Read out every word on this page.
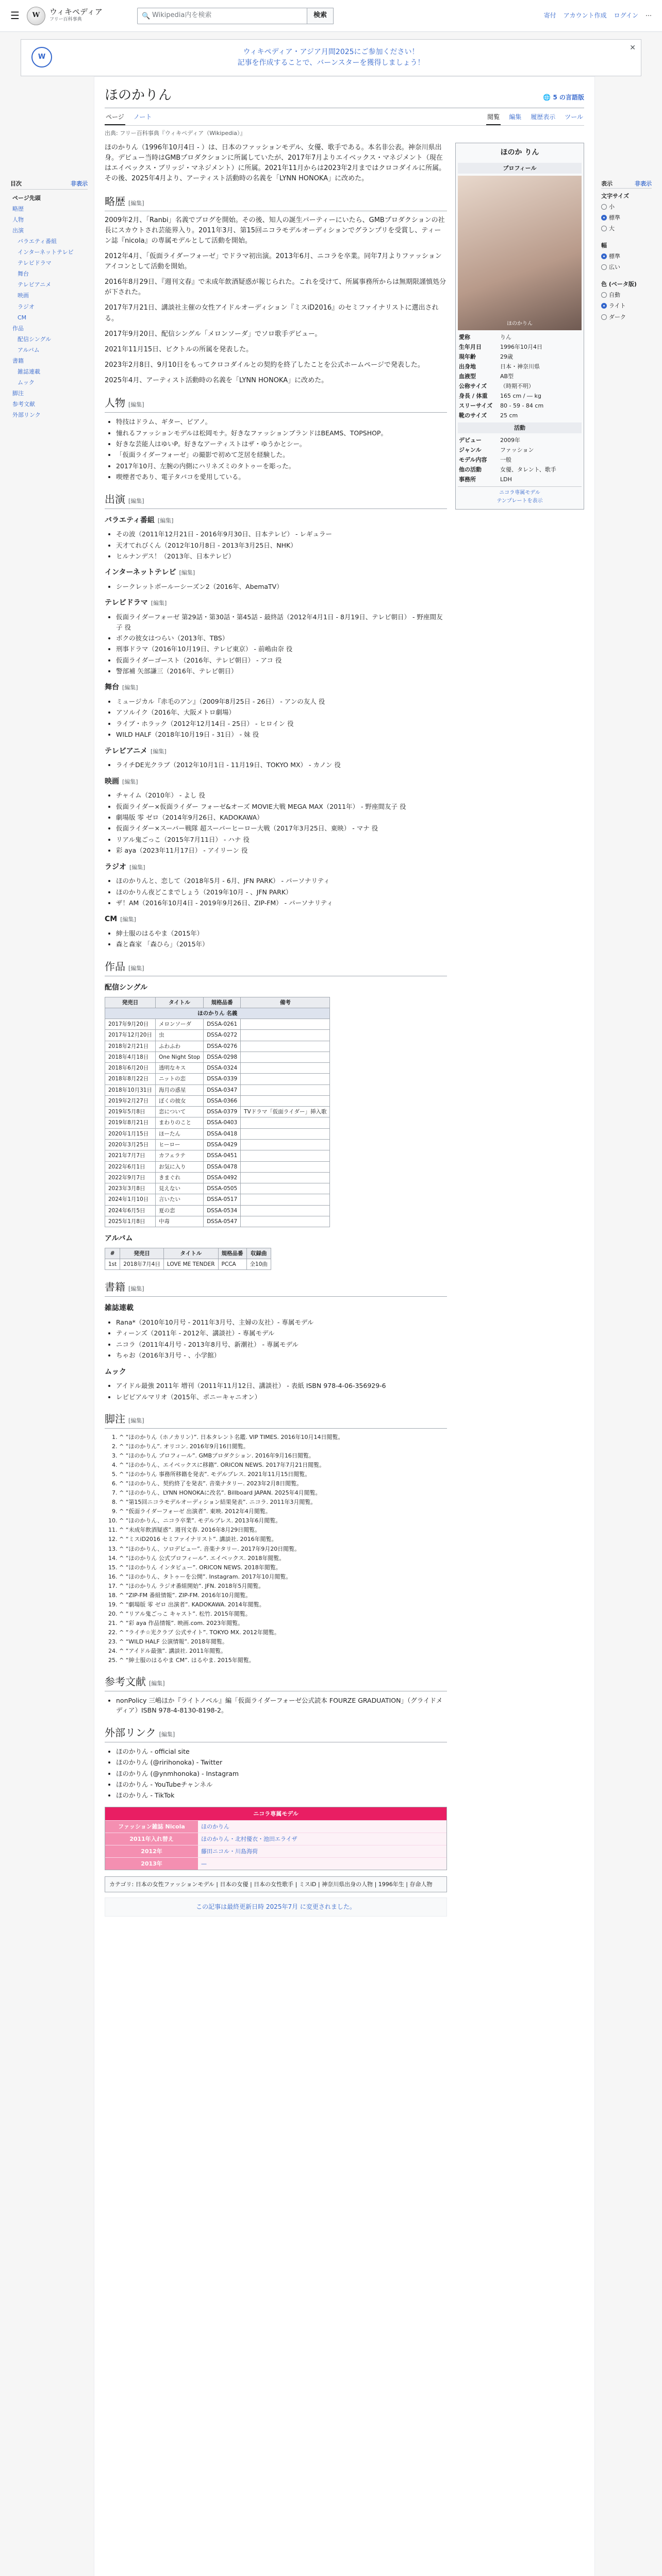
☰	W	ウィキペディア
フリー百科事典	🔍 Wikipedia内を検索	検索	寄付 アカウント作成 ログイン ⋯
W
ウィキペディア・アジア月間2025にご参加ください！
記事を作成することで、バーンスターを獲得しましょう！
✕
目次	非表示
ページ先頭
略歴
人物
出演
バラエティ番組
インターネットテレビ
テレビドラマ
舞台
テレビアニメ
映画
ラジオ
CM
作品
配信シングル
アルバム
書籍
雑誌連載
ムック
脚注
参考文献
外部リンク
ほのかりん	🌐 5 の言語版
ページ ノート	閲覧 編集 履歴表示 ツール
出典: フリー百科事典『ウィキペディア（Wikipedia）』

ほのかりん（1996年10月4日 - ）は、日本のファッションモデル、女優、歌手である。本名非公表。神奈川県出身。デビュー当時はGMBプロダクションに所属していたが、2017年7月よりエイベックス・マネジメント（現在はエイベックス・ブリッジ・マネジメント）に所属。2021年11月からは2023年2月まではクロコダイルに所属。その後、2025年4月より、アーティスト活動時の名義を「LYNN HONOKA」に改めた。

略歴 [編集]

2009年2月、「Ranbi」名義でブログを開始。その後、知人の誕生パーティーにいたら、GMBプロダクションの社長にスカウトされ芸能界入り。2011年3月、第15回ニコラモデルオーディションでグランプリを受賞し、ティーン誌『nicola』の専属モデルとして活動を開始。

2012年4月、「仮面ライダーフォーゼ」でドラマ初出演。2013年6月、ニコラを卒業。同年7月よりファッションアイコンとして活動を開始。

2016年8月29日、『週刊文春』で未成年飲酒疑惑が報じられた。これを受けて、所属事務所からは無期限謹慎処分が下された。

2017年7月21日、講談社主催の女性アイドルオーディション『ミスiD2016』のセミファイナリストに選出される。

2017年9月20日、配信シングル「メロンソーダ」でソロ歌手デビュー。

2021年11月15日、ビクトルの所属を発表した。

2023年2月8日、9月10日をもってクロコダイルとの契約を終了したことを公式ホームページで発表した。

2025年4月、アーティスト活動時の名義を「LYNN HONOKA」に改めた。

人物 [編集]
• 特技はドラム、ギター、ピアノ。
• 憧れるファッションモデルは松岡モナ。好きなファッションブランドはBEAMS、TOPSHOP。
• 好きな芸能人はゆいP。好きなアーティストはザ・ゆうかとシー。
• 「仮面ライダーフォーゼ」の撮影で初めて芝居を経験した。
• 2017年10月、左腕の内側にハリネズミのタトゥーを彫った。
• 喫煙者であり、電子タバコを愛用している。
出演 [編集]
バラエティ番組 [編集]
• その波（2011年12月21日 - 2016年9月30日、日本テレビ） - レギュラー
• 天才てれびくん（2012年10月8日 - 2013年3月25日、NHK）
• ヒルナンデス！（2013年、日本テレビ）
インターネットテレビ [編集]
• シークレットボールーシーズン2（2016年、AbemaTV）
テレビドラマ [編集]
• 仮面ライダーフォーゼ 第29話・第30話・第45話 - 最終話（2012年4月1日 - 8月19日、テレビ朝日） - 野座間友子 役
• ボクの彼女はつらい（2013年、TBS）
• 刑事ドラマ（2016年10月19日、テレビ東京） - 前嶋由奈 役
• 仮面ライダーゴースト（2016年、テレビ朝日） - アコ 役
• 警部補 矢部謙三（2016年、テレビ朝日）
舞台 [編集]
• ミュージカル『赤毛のアン』（2009年8月25日 - 26日） - アンの友人 役
• アソルイク（2016年、大阪メトロ劇場）
• ライブ・ホラック（2012年12月14日 - 25日） - ヒロイン 役
• WILD HALF（2018年10月19日 - 31日） - 妹 役
テレビアニメ [編集]
• ライチDE光クラブ（2012年10月1日 - 11月19日、TOKYO MX） - カノン 役
映画 [編集]
• チャイム（2010年） - よし 役
• 仮面ライダー×仮面ライダー フォーゼ&オーズ MOVIE大戦 MEGA MAX（2011年） - 野座間友子 役
• 劇場版 零 ゼロ（2014年9月26日、KADOKAWA）
• 仮面ライダー×スーパー戦隊 超スーパーヒーロー大戦（2017年3月25日、東映） - マナ 役
• リアル鬼ごっこ（2015年7月11日） - ハナ 役
• 彩 aya（2023年11月17日） - アイリーン 役
ラジオ [編集]
• ほのかりんと、恋して（2018年5月 - 6月、JFN PARK） - パーソナリティ
• ほのかりん夜どこまでしょう（2019年10月 - 、JFN PARK）
• ザ！AM（2016年10月4日 - 2019年9月26日、ZIP-FM） - パーソナリティ
CM [編集]
• 紳士服のはるやま（2015年）
• 森と森家 「森ひら」（2015年）
作品 [編集]
配信シングル
発売日	タイトル	規格品番	備考
ほのかりん 名義			
2017年9月20日	メロンソーダ	DSSA-0261	
2017年12月20日	虫	DSSA-0272	
2018年2月21日	ふわふわ	DSSA-0276	
2018年4月18日	One Night Stop	DSSA-0298	
2018年6月20日	透明なキス	DSSA-0324	
2018年8月22日	ニットの恋	DSSA-0339	
2018年10月31日	海月の惑星	DSSA-0347	
2019年2月27日	ぼくの彼女	DSSA-0366	
2019年5月8日	恋について	DSSA-0379	TVドラマ「仮面ライダー」挿入歌
2019年8月21日	まわりのこと	DSSA-0403	
2020年1月15日	ほーたん	DSSA-0418	
2020年3月25日	ヒーロー	DSSA-0429	
2021年7月7日	カフェラテ	DSSA-0451	
2022年6月1日	お気に入り	DSSA-0478	
2022年9月7日	きまぐれ	DSSA-0492	
2023年3月8日	見えない	DSSA-0505	
2024年1月10日	言いたい	DSSA-0517	
2024年6月5日	夏の恋	DSSA-0534	
2025年1月8日	中毒	DSSA-0547	
アルバム
#	発売日	タイトル	規格品番	収録曲
1st	2018年7月4日	LOVE ME TENDER	PCCA	全10曲
書籍 [編集]
雑誌連載
• Rana*（2010年10月号 - 2011年3月号、主婦の友社）- 専属モデル
• ティーンズ（2011年 - 2012年、講談社）- 専属モデル
• ニコラ（2011年4月号 - 2013年8月号、新潮社） - 専属モデル
• ちゃお（2016年3月号 - 、小学館）
ムック
• アイドル最強 2011年 増刊（2011年11月12日、講談社） - 表紙 ISBN 978-4-06-356929-6
• レピピアルマリオ（2015年、ポニーキャニオン）
脚注 [編集]
1. ^ “ほのかりん（ホノカリン）”. 日本タレント名鑑. VIP TIMES. 2016年10月14日閲覧。
2. ^ “ほのかりん”. オリコン. 2016年9月16日閲覧。
3. ^ “ほのかりん プロフィール”. GMBプロダクション. 2016年9月16日閲覧。
4. ^ “ほのかりん、エイベックスに移籍”. ORICON NEWS. 2017年7月21日閲覧。
5. ^ “ほのかりん 事務所移籍を発表”. モデルプレス. 2021年11月15日閲覧。
6. ^ “ほのかりん、契約終了を発表”. 音楽ナタリー. 2023年2月8日閲覧。
7. ^ “ほのかりん、LYNN HONOKAに改名”. Billboard JAPAN. 2025年4月閲覧。
8. ^ “第15回ニコラモデルオーディション結果発表”. ニコラ. 2011年3月閲覧。
9. ^ “仮面ライダーフォーゼ 出演者”. 東映. 2012年4月閲覧。
10. ^ “ほのかりん、ニコラ卒業”. モデルプレス. 2013年6月閲覧。
11. ^ “未成年飲酒疑惑”. 週刊文春. 2016年8月29日閲覧。
12. ^ “ミスiD2016 セミファイナリスト”. 講談社. 2016年閲覧。
13. ^ “ほのかりん、ソロデビュー”. 音楽ナタリー. 2017年9月20日閲覧。
14. ^ “ほのかりん 公式プロフィール”. エイベックス. 2018年閲覧。
15. ^ “ほのかりん インタビュー”. ORICON NEWS. 2018年閲覧。
16. ^ “ほのかりん、タトゥーを公開”. Instagram. 2017年10月閲覧。
17. ^ “ほのかりん ラジオ番組開始”. JFN. 2018年5月閲覧。
18. ^ “ZIP-FM 番組情報”. ZIP-FM. 2016年10月閲覧。
19. ^ “劇場版 零 ゼロ 出演者”. KADOKAWA. 2014年閲覧。
20. ^ “リアル鬼ごっこ キャスト”. 松竹. 2015年閲覧。
21. ^ “彩 aya 作品情報”. 映画.com. 2023年閲覧。
22. ^ “ライチ☆光クラブ 公式サイト”. TOKYO MX. 2012年閲覧。
23. ^ “WILD HALF 公演情報”. 2018年閲覧。
24. ^ “アイドル最強”. 講談社. 2011年閲覧。
25. ^ “紳士服のはるやま CM”. はるやま. 2015年閲覧。
参考文献 [編集]
• nonPolicy 三嶋ほか『ライトノベル』編「仮面ライダーフォーゼ公式読本 FOURZE GRADUATION」（グライドメディア）ISBN 978-4-8130-8198-2。
外部リンク [編集]
• ほのかりん - official site
• ほのかりん (@ririhonoka) - Twitter
• ほのかりん (@ynmhonoka) - Instagram
• ほのかりん - YouTubeチャンネル
• ほのかりん - TikTok
ニコラ専属モデル
ファッション雑誌 Nicola	ほのかりん
2011年入れ替え	ほのかりん・北村優衣・池田エライザ
2012年	藤田ニコル・川島海荷
2013年	—
カテゴリ: 日本の女性ファッションモデル | 日本の女優 | 日本の女性歌手 | ミスiD | 神奈川県出身の人物 | 1996年生 | 存命人物
この記事は最終更新日時 2025年7月 に変更されました。
ほのか りん
プロフィール
ほのかりん
愛称	りん
生年月日	1996年10月4日
現年齢	29歳
出身地	日本・神奈川県
血液型	AB型
公称サイズ	（時期不明）
身長 / 体重	165 cm / ― kg
スリーサイズ	80 - 59 - 84 cm
靴のサイズ	25 cm
活動
デビュー	2009年
ジャンル	ファッション
モデル内容	一般
他の活動	女優、タレント、歌手
事務所	LDH
ニコラ専属モデル
テンプレートを表示
表示	非表示
文字サイズ
小
標準
大
幅
標準
広い
色 (ベータ版)
自動
ライト
ダーク
